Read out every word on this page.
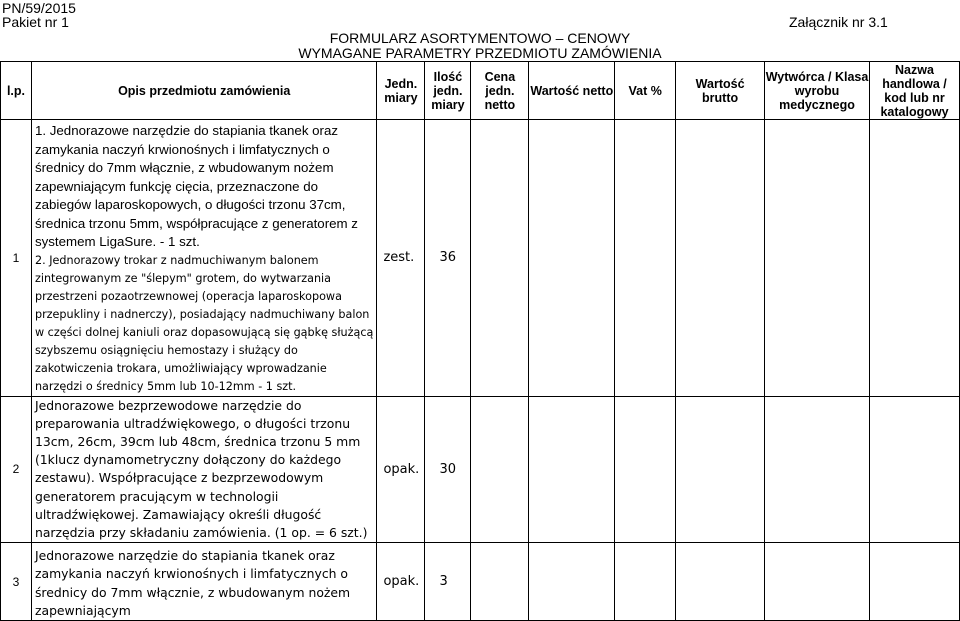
PN/59/2015
Pakiet nr 1	Załącznik nr 3.1
FORMULARZ ASORTYMENTOWO – CENOWY
WYMAGANE PARAMETRY PRZEDMIOTU ZAMÓWIENIA
l.p.	Opis przedmiotu zamówienia	Jedn. miary	Ilość jedn. miary	Cena jedn. netto	Wartość netto	Vat %	Wartość brutto	Wytwórca / Klasa wyrobu medycznego	Nazwa handlowa / kod lub nr katalogowy
1	1. Jednorazowe narzędzie do stapiania tkanek oraz zamykania naczyń krwionośnych i limfatycznych o średnicy do 7mm włącznie, z wbudowanym nożem zapewniającym funkcję cięcia, przeznaczone do zabiegów laparoskopowych, o długości trzonu 37cm, średnica trzonu 5mm, współpracujące z generatorem z systemem LigaSure. - 1 szt.
2. Jednorazowy trokar z nadmuchiwanym balonem zintegrowanym ze "ślepym" grotem, do wytwarzania przestrzeni pozaotrzewnowej (operacja laparoskopowa przepukliny i nadnerczy), posiadający nadmuchiwany balon w części dolnej kaniuli oraz dopasowującą się gąbkę służącą szybszemu osiągnięciu hemostazy i służący do zakotwiczenia trokara, umożliwiający wprowadzanie narzędzi o średnicy 5mm lub 10-12mm - 1 szt.	zest.	36						
2	Jednorazowe bezprzewodowe narzędzie do preparowania ultradźwiękowego, o długości trzonu 13cm, 26cm, 39cm lub 48cm, średnica trzonu 5 mm (1klucz dynamometryczny dołączony do każdego zestawu). Współpracujące z bezprzewodowym generatorem pracującym w technologii ultradźwiękowej. Zamawiający określi długość narzędzia przy składaniu zamówienia. (1 op. = 6 szt.)	opak.	30						
3	Jednorazowe narzędzie do stapiania tkanek oraz zamykania naczyń krwionośnych i limfatycznych o średnicy do 7mm włącznie, z wbudowanym nożem zapewniającym	opak.	3						
